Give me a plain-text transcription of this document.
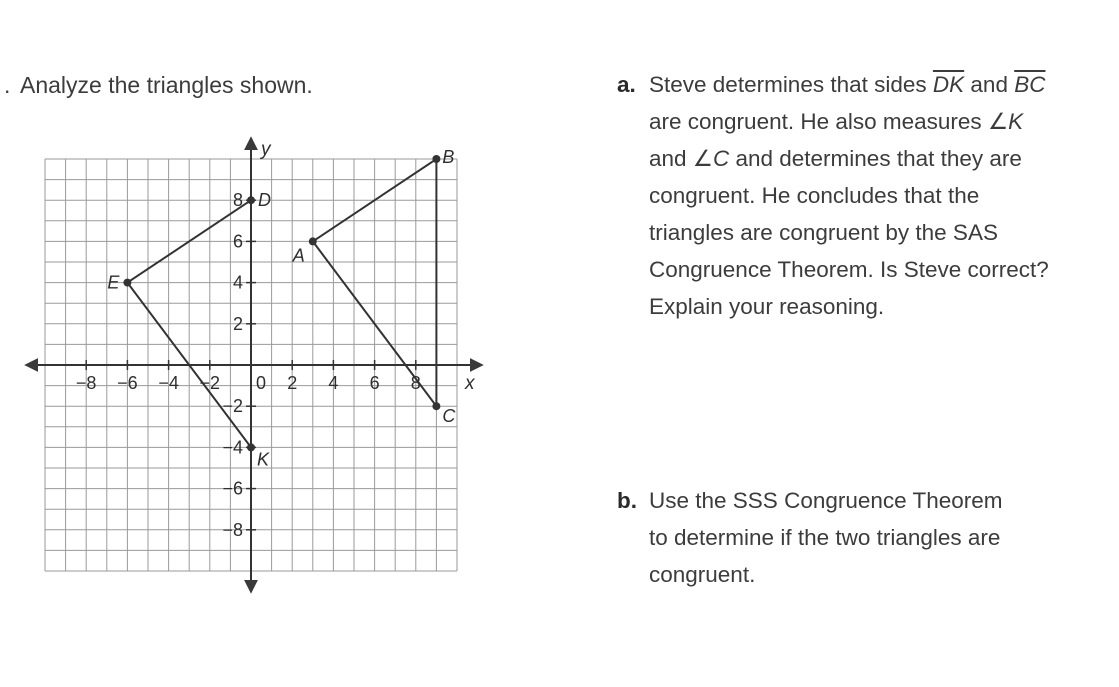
. Analyze the triangles shown.
−8 −6 −4 −2 0 2 4 6 8
8
6
4
2
−2
−4
−6
−8
x
y	B
D
A
E
C
K
a. Steve determines that sides $\overline{DK}$ and $\overline{BC}$
are congruent. He also measures ∠K
and ∠C and determines that they are
congruent. He concludes that the
triangles are congruent by the SAS
Congruence Theorem. Is Steve correct?
Explain your reasoning.
b. Use the SSS Congruence Theorem
to determine if the two triangles are
congruent.
